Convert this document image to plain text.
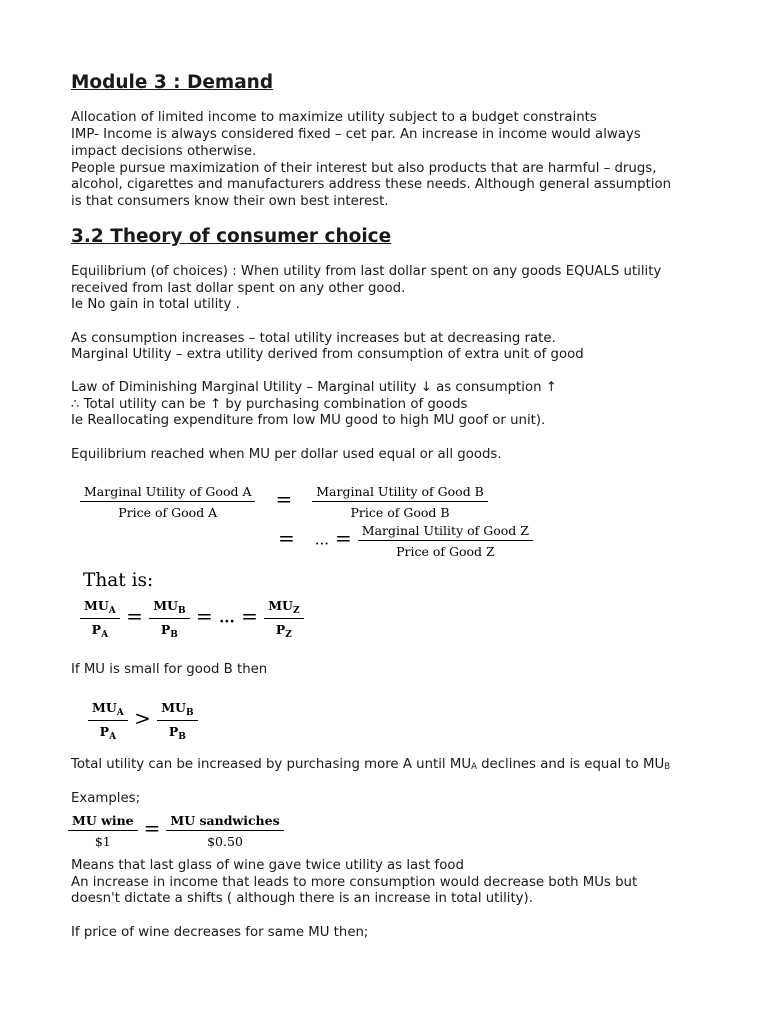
Module 3 : Demand

Allocation of limited income to maximize utility subject to a budget constraints

IMP- Income is always considered fixed – cet par. An increase in income would always

impact decisions otherwise.

People pursue maximization of their interest but also products that are harmful – drugs,

alcohol, cigarettes and manufacturers address these needs. Although general assumption

is that consumers know their own best interest.

3.2 Theory of consumer choice

Equilibrium (of choices) : When utility from last dollar spent on any goods EQUALS utility

received from last dollar spent on any other good.

Ie No gain in total utility .

As consumption increases – total utility increases but at decreasing rate.

Marginal Utility – extra utility derived from consumption of extra unit of good

Law of Diminishing Marginal Utility – Marginal utility ↓ as consumption ↑

∴ Total utility can be ↑ by purchasing combination of goods

Ie Reallocating expenditure from low MU good to high MU goof or unit).

Equilibrium reached when MU per dollar used equal or all goods.

$\frac{\text{Marginal Utility of Good A}}{\text{Price of Good A}} = \frac{\text{Marginal Utility of Good B}}{\text{Price of Good B}}$
= ... = $\frac{\text{Marginal Utility of Good Z}}{\text{Price of Good Z}}$

That is:

$\frac{MU_A}{P_A} = \frac{MU_B}{P_B}$ = ... = $\frac{MU_Z}{P_Z}$

If MU is small for good B then

$\frac{MU_A}{P_A} > \frac{MU_B}{P_B}$

Total utility can be increased by purchasing more A until MUA declines and is equal to MUB

Examples;

$\frac{\text{MU wine}}{\$1} = \frac{\text{MU sandwiches}}{\$0.50}$

Means that last glass of wine gave twice utility as last food

An increase in income that leads to more consumption would decrease both MUs but

doesn't dictate a shifts ( although there is an increase in total utility).

If price of wine decreases for same MU then;
